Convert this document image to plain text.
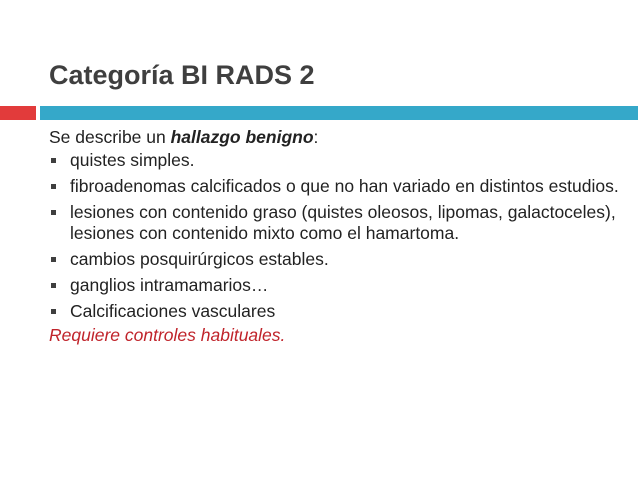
Categoría BI RADS 2
Se describe un hallazgo benigno:
quistes simples.
fibroadenomas calcificados o que no han variado en distintos estudios.
lesiones con contenido graso (quistes oleosos, lipomas, galactoceles), lesiones con contenido mixto como el hamartoma.
cambios posquirúrgicos estables.
ganglios intramamarios…
Calcificaciones vasculares
Requiere controles habituales.
